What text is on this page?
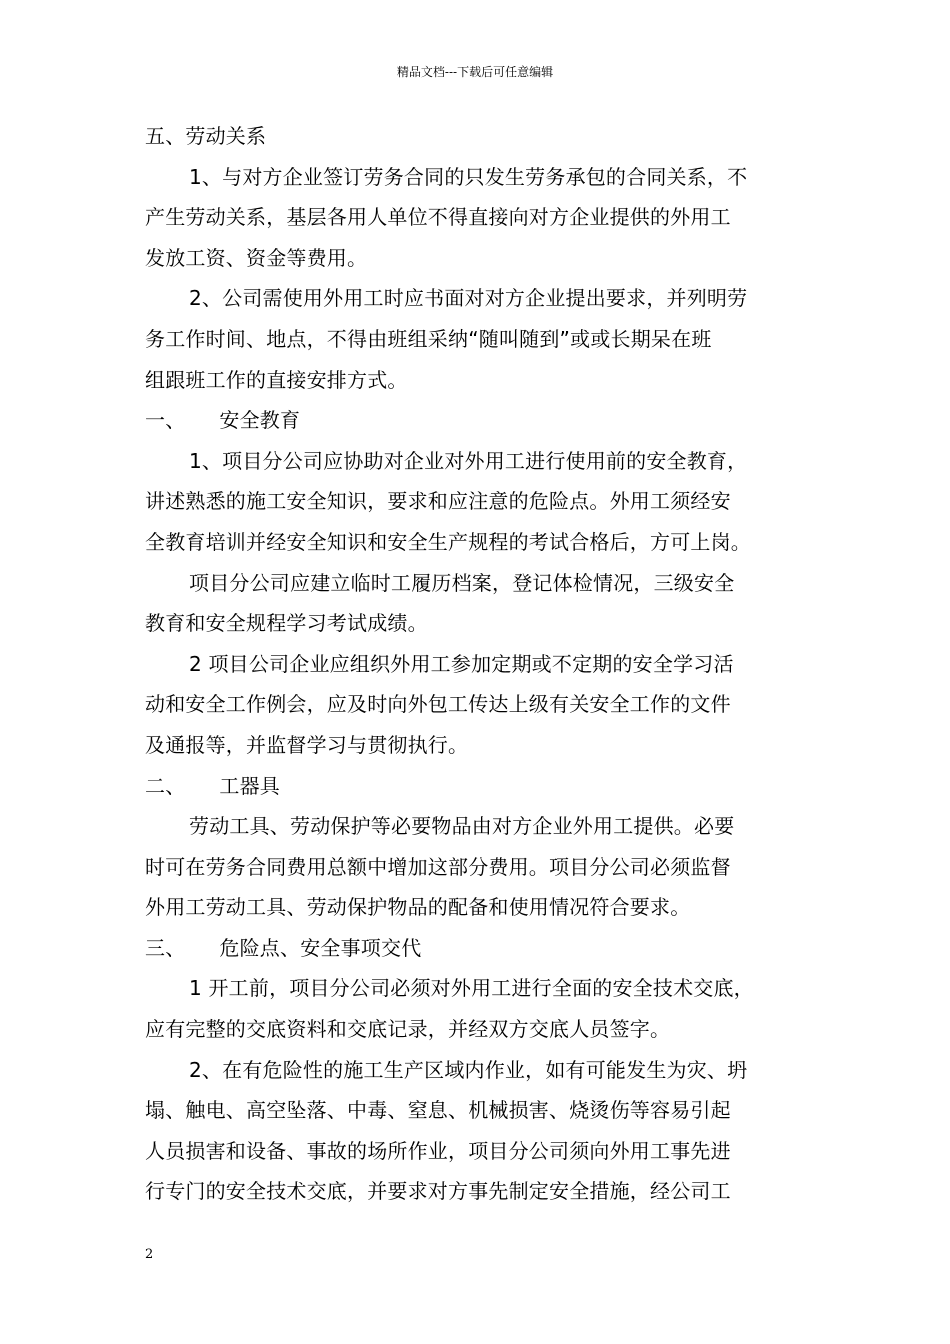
精品文档---下载后可任意编辑
五、劳动关系
1、与对方企业签订劳务合同的只发生劳务承包的合同关系，不
产生劳动关系，基层各用人单位不得直接向对方企业提供的外用工
发放工资、资金等费用。
2、公司需使用外用工时应书面对对方企业提出要求，并列明劳
务工作时间、地点，不得由班组采纳“随叫随到”或或长期呆在班
组跟班工作的直接安排方式。
一、 安全教育
1、项目分公司应协助对企业对外用工进行使用前的安全教育，
讲述熟悉的施工安全知识，要求和应注意的危险点。外用工须经安
全教育培训并经安全知识和安全生产规程的考试合格后，方可上岗。
项目分公司应建立临时工履历档案，登记体检情况，三级安全
教育和安全规程学习考试成绩。
2 项目公司企业应组织外用工参加定期或不定期的安全学习活
动和安全工作例会，应及时向外包工传达上级有关安全工作的文件
及通报等，并监督学习与贯彻执行。
二、 工器具
劳动工具、劳动保护等必要物品由对方企业外用工提供。必要
时可在劳务合同费用总额中增加这部分费用。项目分公司必须监督
外用工劳动工具、劳动保护物品的配备和使用情况符合要求。
三、 危险点、安全事项交代
1 开工前，项目分公司必须对外用工进行全面的安全技术交底，
应有完整的交底资料和交底记录，并经双方交底人员签字。
2、在有危险性的施工生产区域内作业，如有可能发生为灾、坍
塌、触电、高空坠落、中毒、窒息、机械损害、烧烫伤等容易引起
人员损害和设备、事故的场所作业，项目分公司须向外用工事先进
行专门的安全技术交底，并要求对方事先制定安全措施，经公司工
2
